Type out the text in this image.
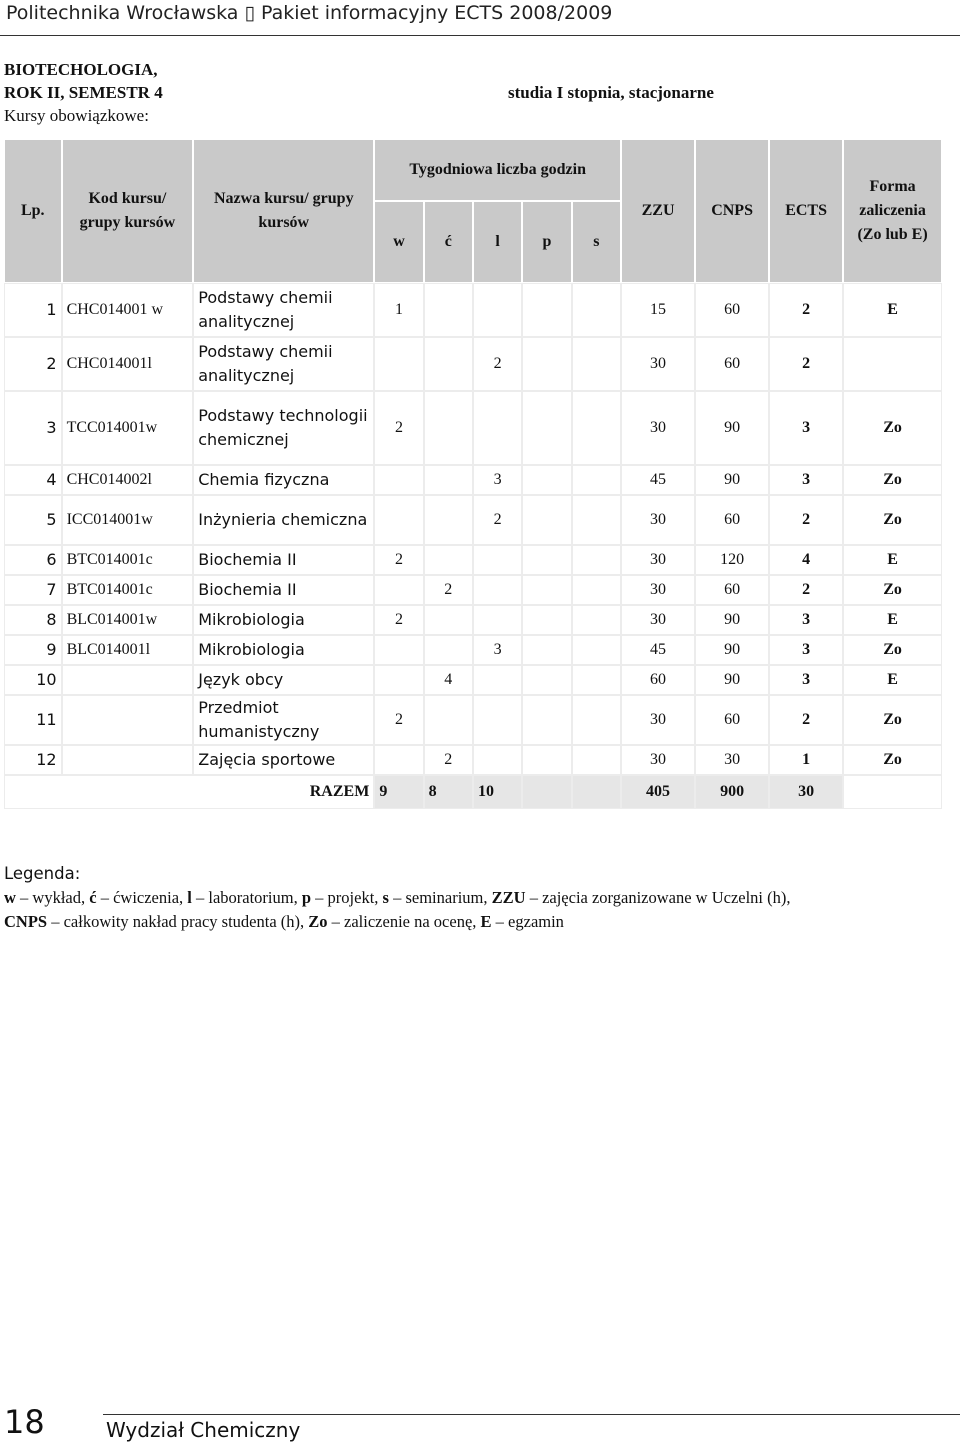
Politechnika Wrocławska ▯ Pakiet informacyjny ECTS 2008/2009
BIOTECHOLOGIA,
ROK II, SEMESTR 4
Kursy obowiązkowe:
studia I stopnia, stacjonarne
Lp.	Kod kursu/ grupy kursów	Nazwa kursu/ grupy kursów	Tygodniowa liczba godzin					ZZU	CNPS	ECTS	Forma zaliczenia (Zo lub E)
			w	ć	l	p	s				
1	CHC014001 w	Podstawy chemii analitycznej	1					15	60	2	E
2	CHC014001l	Podstawy chemii analitycznej			2			30	60	2	
3	TCC014001w	Podstawy technologii chemicznej	2					30	90	3	Zo
4	CHC014002l	Chemia fizyczna			3			45	90	3	Zo
5	ICC014001w	Inżynieria chemiczna			2			30	60	2	Zo
6	BTC014001c	Biochemia II	2					30	120	4	E
7	BTC014001c	Biochemia II		2				30	60	2	Zo
8	BLC014001w	Mikrobiologia	2					30	90	3	E
9	BLC014001l	Mikrobiologia			3			45	90	3	Zo
10		Język obcy		4				60	90	3	E
11		Przedmiot humanistyczny	2					30	60	2	Zo
12		Zajęcia sportowe		2				30	30	1	Zo
RAZEM			9	8	10			405	900	30	
Legenda:
w – wykład, ć – ćwiczenia, l – laboratorium, p – projekt, s – seminarium, ZZU – zajęcia zorganizowane w Uczelni (h),
CNPS – całkowity nakład pracy studenta (h), Zo – zaliczenie na ocenę, E – egzamin
18	Wydział Chemiczny
